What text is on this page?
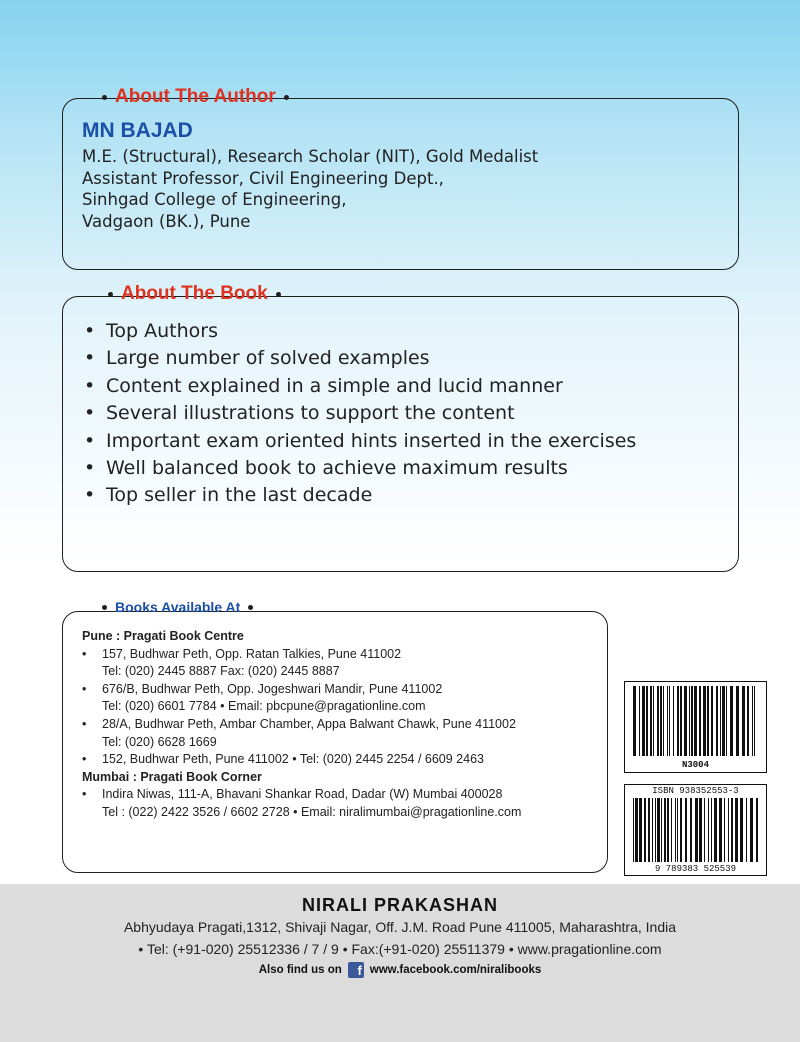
About The Author
MN BAJAD
M.E. (Structural), Research Scholar (NIT), Gold Medalist
Assistant Professor, Civil Engineering Dept.,
Sinhgad College of Engineering,
Vadgaon (BK.), Pune
About The Book
• Top Authors
• Large number of solved examples
• Content explained in a simple and lucid manner
• Several illustrations to support the content
• Important exam oriented hints inserted in the exercises
• Well balanced book to achieve maximum results
• Top seller in the last decade
Books Available At
Pune : Pragati Book Centre
•	157, Budhwar Peth, Opp. Ratan Talkies, Pune 411002
Tel: (020) 2445 8887 Fax: (020) 2445 8887
•	676/B, Budhwar Peth, Opp. Jogeshwari Mandir, Pune 411002
Tel: (020) 6601 7784 • Email: pbcpune@pragationline.com
•	28/A, Budhwar Peth, Ambar Chamber, Appa Balwant Chawk, Pune 411002
Tel: (020) 6628 1669
•	152, Budhwar Peth, Pune 411002 • Tel: (020) 2445 2254 / 6609 2463
Mumbai : Pragati Book Corner
•	Indira Niwas, 111-A, Bhavani Shankar Road, Dadar (W) Mumbai 400028
Tel : (022) 2422 3526 / 6602 2728 • Email: niralimumbai@pragationline.com
N3004
ISBN 938352553-3
9 789383 525539
NIRALI PRAKASHAN
Abhyudaya Pragati,1312, Shivaji Nagar, Off. J.M. Road Pune 411005, Maharashtra, India
• Tel: (+91-020) 25512336 / 7 / 9 • Fax:(+91-020) 25511379 • www.pragationline.com
Also find us on	f www.facebook.com/niralibooks
